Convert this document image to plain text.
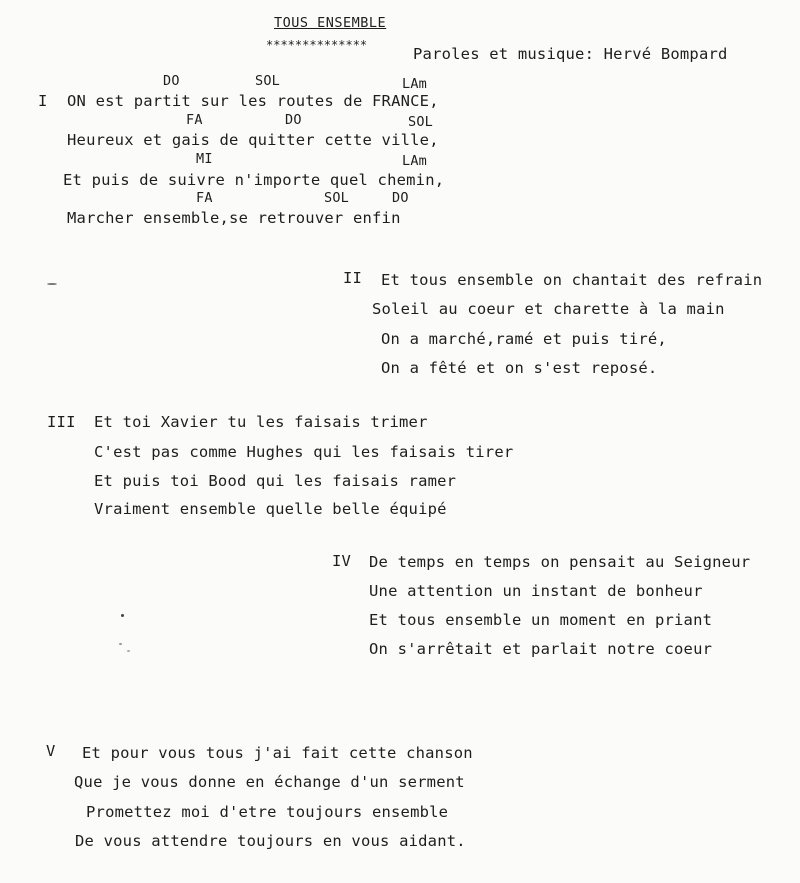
TOUS ENSEMBLE
**************	Paroles et musique: Hervé Bompard
DO	SOL	LAm
I ON est partit sur les routes de FRANCE,
FA	DO	SOL
Heureux et gais de quitter cette ville,
MI	LAm
Et puis de suivre n'importe quel chemin,
FA	SOL	DO
Marcher ensemble,se retrouver enfin
II Et tous ensemble on chantait des refrain
Soleil au coeur et charette à la main
On a marché,ramé et puis tiré,
On a fêté et on s'est reposé.
III Et toi Xavier tu les faisais trimer
C'est pas comme Hughes qui les faisais tirer
Et puis toi Bood qui les faisais ramer
Vraiment ensemble quelle belle équipé
IV De temps en temps on pensait au Seigneur
Une attention un instant de bonheur
Et tous ensemble un moment en priant
On s'arrêtait et parlait notre coeur
V Et pour vous tous j'ai fait cette chanson
Que je vous donne en échange d'un serment
Promettez moi d'etre toujours ensemble
De vous attendre toujours en vous aidant.
